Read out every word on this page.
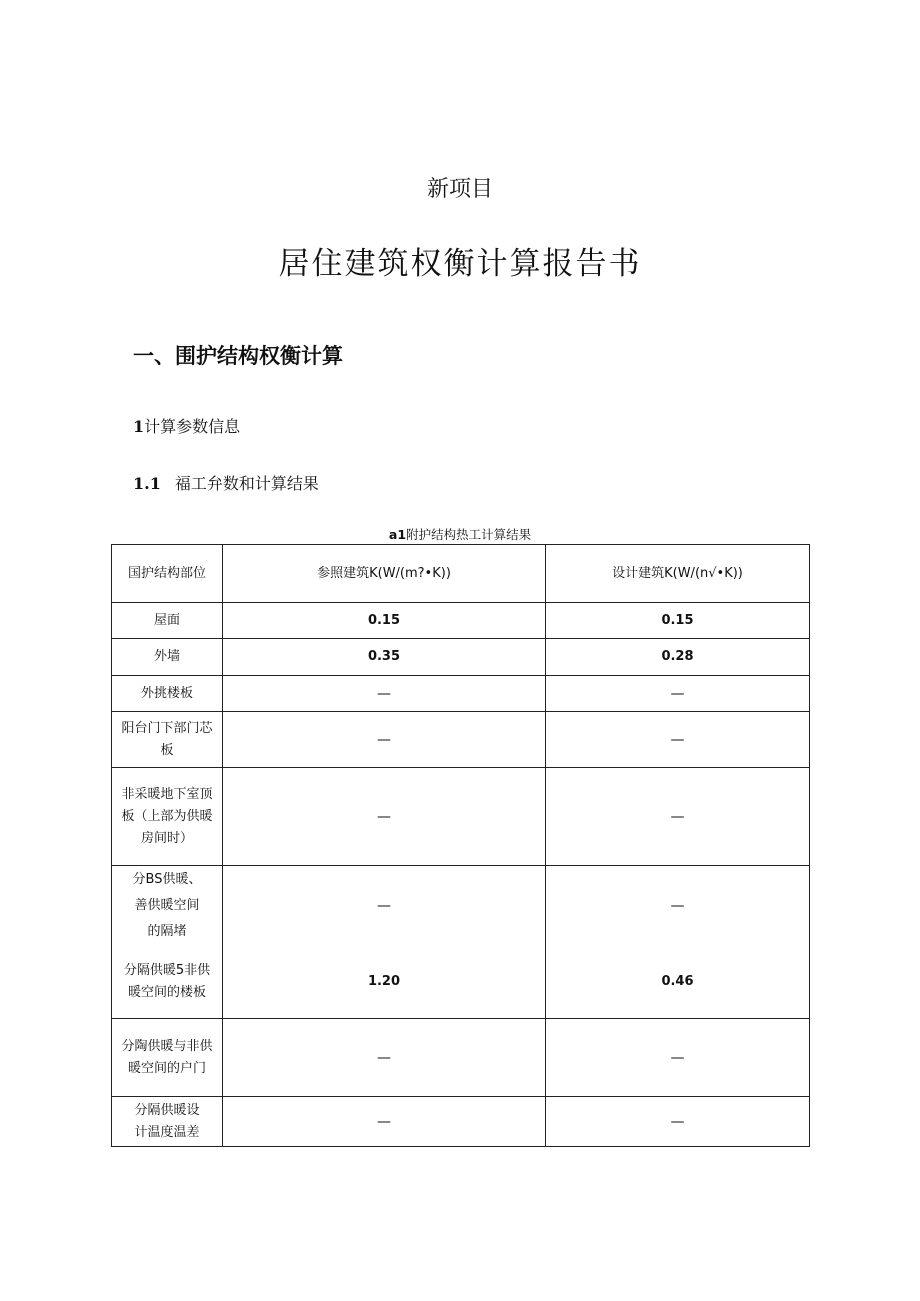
新项目
居住建筑权衡计算报告书
一、围护结构权衡计算
1计算参数信息
1.1 福工弁数和计算结果
a1附护结构热工计算结果
国护结构部位	参照建筑K(W/(m?•K))	设计建筑K(W/(n√•K))
屋面	0.15	0.15
外墙	0.35	0.28
外挑楼板	—	—

阳台门下部门芯
板	—	—

非采暖地下室顶
板（上部为供暖
房间时）	—	—

分BS供暖、
善供暖空间
的隔堵	—	—

分隔供暖5非供
暖空间的楼板	1.20	0.46

分陶供暖与非供
暖空间的户门	—	—

分隔供暖设
计温度温差	—	—
